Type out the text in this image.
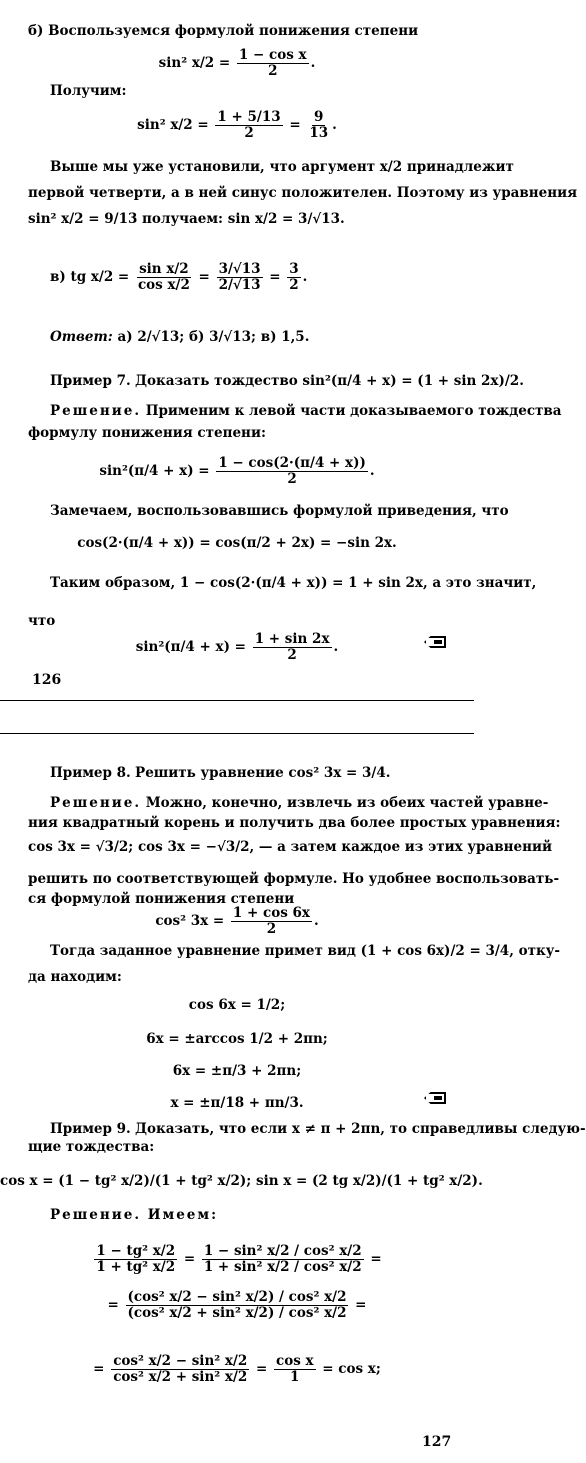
б) Воспользуемся формулой понижения степени
sin² $x/2 = \frac{\text{1 − cos x}}{2}$ .
Получим:
sin² $x/2 = \frac{1 + 5/13}{2} = \frac{9}{13}$ .
Выше мы уже установили, что аргумент x/2 принадлежит
первой четверти, а в ней синус положителен. Поэтому из уравнения
sin² x/2 = 9/13 получаем: sin x/2 = 3/√13.
в) tg $x/2 = \frac{\text{sin x/2}}{\text{cos x/2}} = \frac{3/√13}{2/√13} = \frac{3}{2}$ .
Ответ: а) 2/√13; б) 3/√13; в) 1,5.
Пример 7. Доказать тождество sin²(π/4 + x) = (1 + sin 2x)/2.
Решение. Применим к левой части доказываемого тождества
формулу понижения степени:
$\sin^2(\pi/4 + x) = \frac{1 - \cos(2\cdot(\pi/4 + x))}{2}$ .
Замечаем, воспользовавшись формулой приведения, что
cos(2·(π/4 + x)) = cos(π/2 + 2x) = −sin 2x.
Таким образом, 1 − cos(2·(π/4 + x)) = 1 + sin 2x, а это значит,
что
$\sin^2(\pi/4 + x) = \frac{1 + \sin 2x}{2}$ .
126
Пример 8. Решить уравнение cos² 3x = 3/4.
Решение. Можно, конечно, извлечь из обеих частей уравне-
ния квадратный корень и получить два более простых уравнения:
cos 3x = √3/2; cos 3x = −√3/2, — а затем каждое из этих уравнений
решить по соответствующей формуле. Но удобнее воспользовать-
ся формулой понижения степени
cos² $3x = \frac{1 + \cos 6x}{2}$ .
Тогда заданное уравнение примет вид (1 + cos 6x)/2 = 3/4, отку-
да находим:
cos 6x = 1/2;
6x = ±arccos 1/2 + 2πn;
6x = ±π/3 + 2πn;
x = ±π/18 + πn/3.
Пример 9. Доказать, что если x ≠ π + 2πn, то справедливы следую-
щие тождества:
cos x = (1 − tg² x/2)/(1 + tg² x/2); sin x = (2 tg x/2)/(1 + tg² x/2).
Решение. Имеем:
$\frac{\text{1 − tg² x/2}}{\text{1 + tg² x/2}} = \frac{\text{1 − sin² x/2 / cos² x/2}}{\text{1 + sin² x/2 / cos² x/2}}$ =
= $\frac{\text{(cos² x/2 − sin² x/2) / cos² x/2}}{\text{(cos² x/2 + sin² x/2) / cos² x/2}}$ =
= $\frac{\text{cos² x/2 − sin² x/2}}{\text{cos² x/2 + sin² x/2}} = \frac{\text{cos x}}{1} = \cos x$;
127
